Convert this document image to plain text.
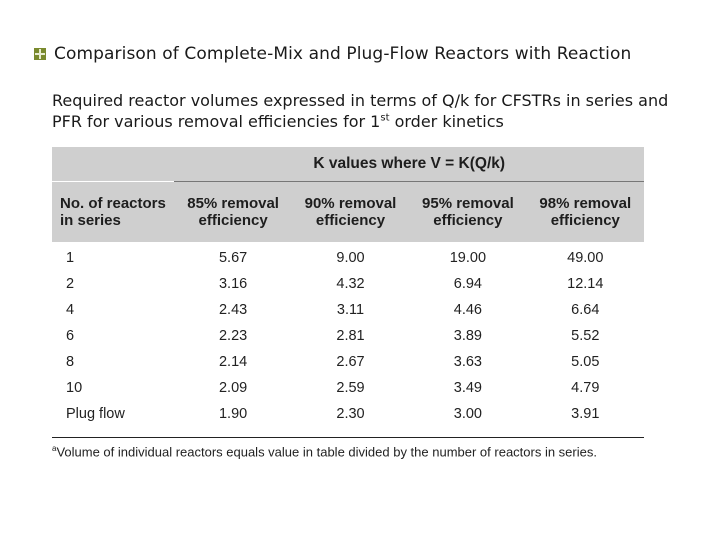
Comparison of Complete-Mix and Plug-Flow Reactors with Reaction
Required reactor volumes expressed in terms of Q/k for CFSTRs in series and PFR for various removal efficiencies for 1st order kinetics
	K values where V = K(Q/k)			
No. of reactors in series	85% removal efficiency	90% removal efficiency	95% removal efficiency	98% removal efficiency
1	5.67	9.00	19.00	49.00
2	3.16	4.32	6.94	12.14
4	2.43	3.11	4.46	6.64
6	2.23	2.81	3.89	5.52
8	2.14	2.67	3.63	5.05
10	2.09	2.59	3.49	4.79
Plug flow	1.90	2.30	3.00	3.91
$^a$Volume of individual reactors equals value in table divided by the number of reactors in series.
